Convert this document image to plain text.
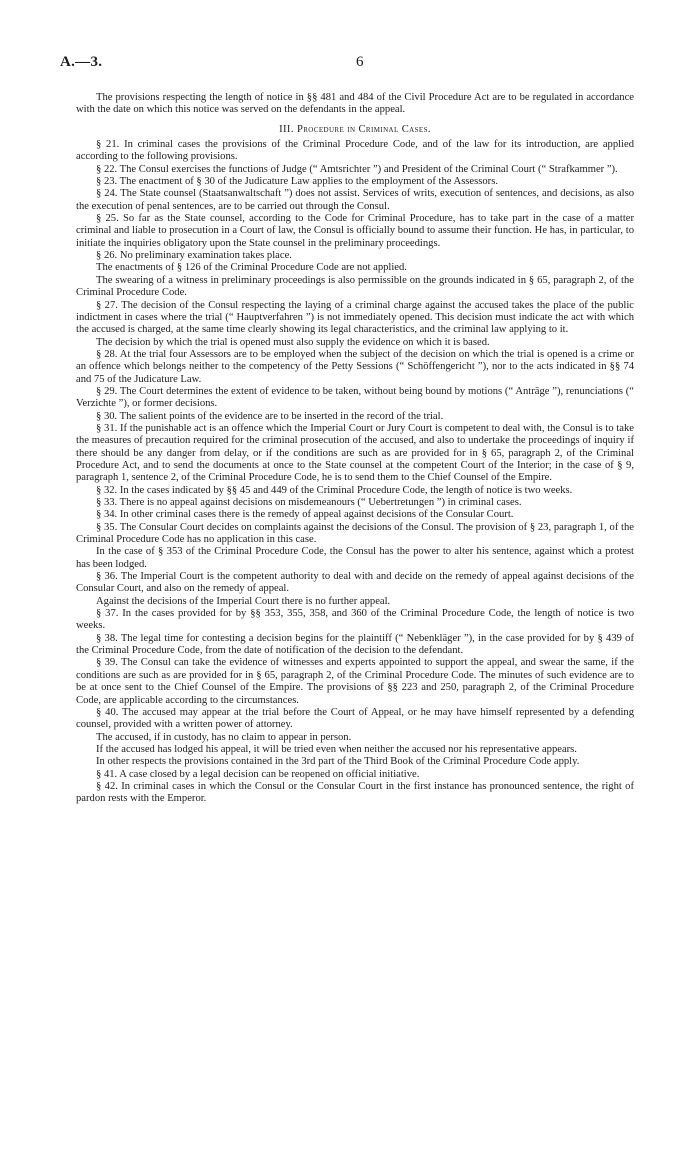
A.—3.	6

The provisions respecting the length of notice in §§ 481 and 484 of the Civil Procedure Act are to be regulated in accordance with the date on which this notice was served on the defendants in the appeal.

III. Procedure in Criminal Cases.

§ 21. In criminal cases the provisions of the Criminal Procedure Code, and of the law for its introduction, are applied according to the following provisions.

§ 22. The Consul exercises the functions of Judge (“ Amtsrichter ”) and President of the Criminal Court (“ Strafkammer ”).

§ 23. The enactment of § 30 of the Judicature Law applies to the employment of the Assessors.

§ 24. The State counsel (Staatsanwaltschaft ”) does not assist. Services of writs, execution of sentences, and decisions, as also the execution of penal sentences, are to be carried out through the Consul.

§ 25. So far as the State counsel, according to the Code for Criminal Procedure, has to take part in the case of a matter criminal and liable to prosecution in a Court of law, the Consul is officially bound to assume their function. He has, in particular, to initiate the inquiries obligatory upon the State counsel in the preliminary proceedings.

§ 26. No preliminary examination takes place.

The enactments of § 126 of the Criminal Procedure Code are not applied.

The swearing of a witness in preliminary proceedings is also permissible on the grounds indicated in § 65, paragraph 2, of the Criminal Procedure Code.

§ 27. The decision of the Consul respecting the laying of a criminal charge against the accused takes the place of the public indictment in cases where the trial (“ Hauptverfahren ”) is not immediately opened. This decision must indicate the act with which the accused is charged, at the same time clearly showing its legal characteristics, and the criminal law applying to it.

The decision by which the trial is opened must also supply the evidence on which it is based.

§ 28. At the trial four Assessors are to be employed when the subject of the decision on which the trial is opened is a crime or an offence which belongs neither to the competency of the Petty Sessions (“ Schöffengericht ”), nor to the acts indicated in §§ 74 and 75 of the Judicature Law.

§ 29. The Court determines the extent of evidence to be taken, without being bound by motions (“ Anträge ”), renunciations (“ Verzichte ”), or former decisions.

§ 30. The salient points of the evidence are to be inserted in the record of the trial.

§ 31. If the punishable act is an offence which the Imperial Court or Jury Court is competent to deal with, the Consul is to take the measures of precaution required for the criminal prosecution of the accused, and also to undertake the proceedings of inquiry if there should be any danger from delay, or if the conditions are such as are provided for in § 65, paragraph 2, of the Criminal Procedure Act, and to send the documents at once to the State counsel at the competent Court of the Interior; in the case of § 9, paragraph 1, sentence 2, of the Criminal Procedure Code, he is to send them to the Chief Counsel of the Empire.

§ 32. In the cases indicated by §§ 45 and 449 of the Criminal Procedure Code, the length of notice is two weeks.

§ 33. There is no appeal against decisions on misdemeanours (“ Uebertretungen ”) in criminal cases.

§ 34. In other criminal cases there is the remedy of appeal against decisions of the Consular Court.

§ 35. The Consular Court decides on complaints against the decisions of the Consul. The provision of § 23, paragraph 1, of the Criminal Procedure Code has no application in this case.

In the case of § 353 of the Criminal Procedure Code, the Consul has the power to alter his sentence, against which a protest has been lodged.

§ 36. The Imperial Court is the competent authority to deal with and decide on the remedy of appeal against decisions of the Consular Court, and also on the remedy of appeal.

Against the decisions of the Imperial Court there is no further appeal.

§ 37. In the cases provided for by §§ 353, 355, 358, and 360 of the Criminal Procedure Code, the length of notice is two weeks.

§ 38. The legal time for contesting a decision begins for the plaintiff (“ Nebenkläger ”), in the case provided for by § 439 of the Criminal Procedure Code, from the date of notification of the decision to the defendant.

§ 39. The Consul can take the evidence of witnesses and experts appointed to support the appeal, and swear the same, if the conditions are such as are provided for in § 65, paragraph 2, of the Criminal Procedure Code. The minutes of such evidence are to be at once sent to the Chief Counsel of the Empire. The provisions of §§ 223 and 250, paragraph 2, of the Criminal Procedure Code, are applicable according to the circumstances.

§ 40. The accused may appear at the trial before the Court of Appeal, or he may have himself represented by a defending counsel, provided with a written power of attorney.

The accused, if in custody, has no claim to appear in person.

If the accused has lodged his appeal, it will be tried even when neither the accused nor his representative appears.

In other respects the provisions contained in the 3rd part of the Third Book of the Criminal Procedure Code apply.

§ 41. A case closed by a legal decision can be reopened on official initiative.

§ 42. In criminal cases in which the Consul or the Consular Court in the first instance has pronounced sentence, the right of pardon rests with the Emperor.
